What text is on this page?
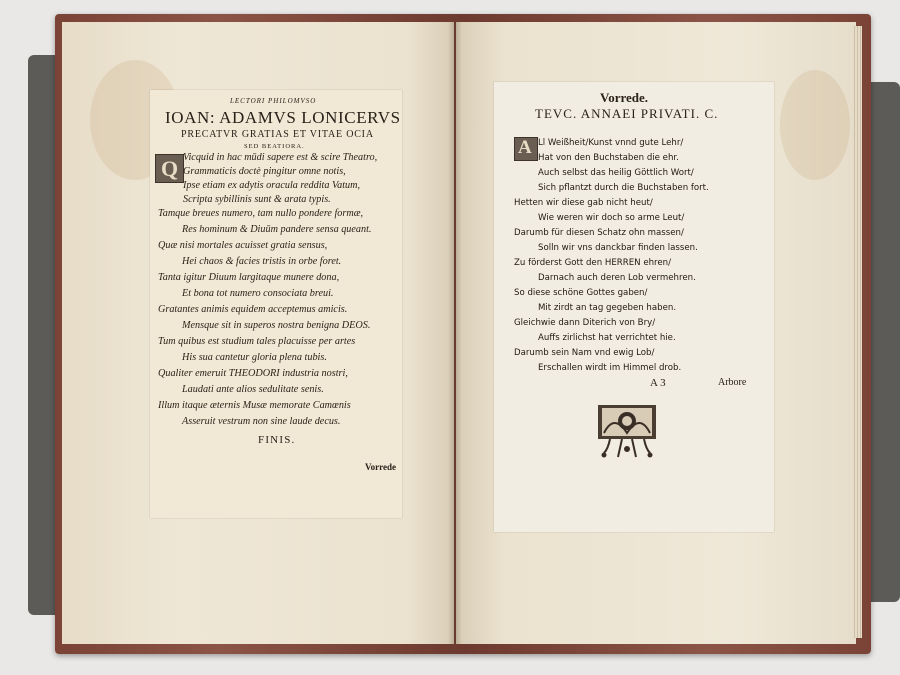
LECTORI PHILOMVSO
IOAN: ADAMVS LONICERVS
PRECATVR GRATIAS ET VITAE OCIA
SED BEATIORA.
Q Vicquid in hac mūdi sapere est & scire Theatro,
Grammaticis doctè pingitur omne notis,
Ipse etiam ex adytis oracula reddita Vatum,
Scripta sybillinis sunt & arata typis.
Tamque breues numero, tam nullo pondere formæ,
Res hominum & Diuūm pandere sensa queant.
Quæ nisi mortales acuisset gratia sensus,
Hei chaos & facies tristis in orbe foret.
Tanta igitur Diuum largitaque munere dona,
Et bona tot numero consociata breui.
Gratantes animis equidem acceptemus amicis.
Mensque sit in superos nostra benigna DEOS.
Tum quibus est studium tales placuisse per artes
His sua cantetur gloria plena tubis.
Qualiter emeruit THEODORI industria nostri,
Laudati ante alios sedulitate senis.
Illum itaque æternis Musæ memorate Camœnis
FINIS.
Vorrede
Vorrede.
TEVC. ANNAEI PRIVATI. C.
A Ll Weißheit/Kunst vnnd gute Lehr/
Hat von den Buchstaben die ehr.
Auch selbst das heilig Göttlich Wort/
Sich pflantzt durch die Buchstaben fort.
Hetten wir diese gab nicht heut/
Wie weren wir doch so arme Leut/
Darumb für diesen Schatz ohn massen/
Solln wir vns danckbar finden lassen.
Zu förderst Gott den HERREN ehren/
Darnach auch deren Lob vermehren.
So diese schöne Gottes gaben/
Mit zirdt an tag gegeben haben.
Gleichwie dann Diterich von Bry/
Auffs zirlichst hat verrichtet hie.
Darumb sein Nam vnd ewig Lob/
Erschallen wirdt im Himmel drob.
A 3	Arbore
Asseruit vestrum non sine laude decus.
